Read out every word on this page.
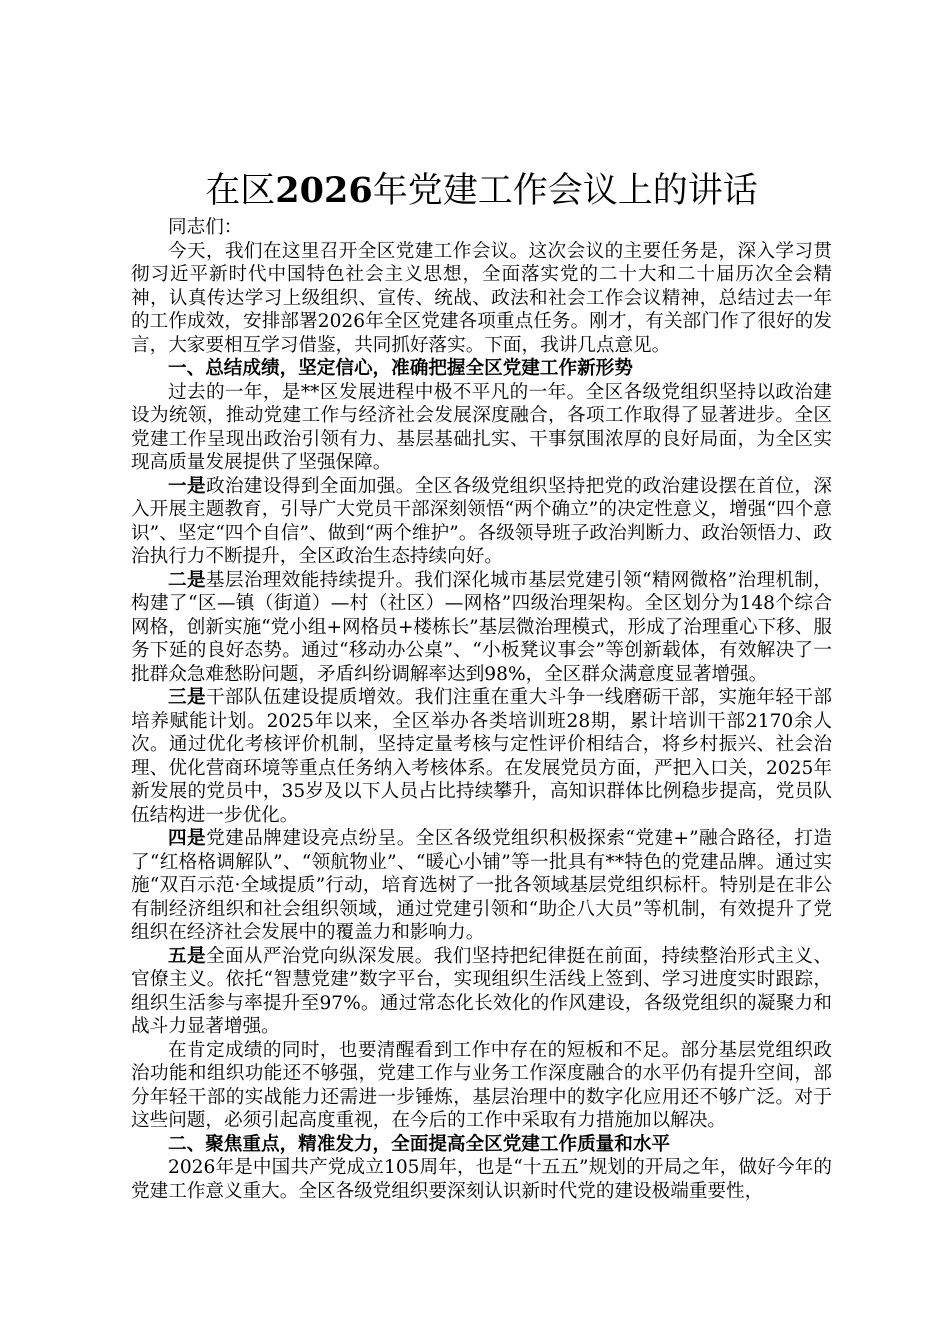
在区2026年党建工作会议上的讲话

同志们：

今天，我们在这里召开全区党建工作会议。这次会议的主要任务是，深入学习贯彻习近平新时代中国特色社会主义思想，全面落实党的二十大和二十届历次全会精神，认真传达学习上级组织、宣传、统战、政法和社会工作会议精神，总结过去一年的工作成效，安排部署2026年全区党建各项重点任务。刚才，有关部门作了很好的发言，大家要相互学习借鉴，共同抓好落实。下面，我讲几点意见。

一、总结成绩，坚定信心，准确把握全区党建工作新形势

过去的一年，是**区发展进程中极不平凡的一年。全区各级党组织坚持以政治建设为统领，推动党建工作与经济社会发展深度融合，各项工作取得了显著进步。全区党建工作呈现出政治引领有力、基层基础扎实、干事氛围浓厚的良好局面，为全区实现高质量发展提供了坚强保障。

一是政治建设得到全面加强。全区各级党组织坚持把党的政治建设摆在首位，深入开展主题教育，引导广大党员干部深刻领悟“两个确立”的决定性意义，增强“四个意识”、坚定“四个自信”、做到“两个维护”。各级领导班子政治判断力、政治领悟力、政治执行力不断提升，全区政治生态持续向好。

二是基层治理效能持续提升。我们深化城市基层党建引领“精网微格”治理机制，构建了“区—镇（街道）—村（社区）—网格”四级治理架构。全区划分为148个综合网格，创新实施“党小组+网格员+楼栋长”基层微治理模式，形成了治理重心下移、服务下延的良好态势。通过“移动办公桌”、“小板凳议事会”等创新载体，有效解决了一批群众急难愁盼问题，矛盾纠纷调解率达到98%，全区群众满意度显著增强。

三是干部队伍建设提质增效。我们注重在重大斗争一线磨砺干部，实施年轻干部培养赋能计划。2025年以来，全区举办各类培训班28期，累计培训干部2170余人次。通过优化考核评价机制，坚持定量考核与定性评价相结合，将乡村振兴、社会治理、优化营商环境等重点任务纳入考核体系。在发展党员方面，严把入口关，2025年新发展的党员中，35岁及以下人员占比持续攀升，高知识群体比例稳步提高，党员队伍结构进一步优化。

四是党建品牌建设亮点纷呈。全区各级党组织积极探索“党建+”融合路径，打造了“红格格调解队”、“领航物业”、“暖心小铺”等一批具有**特色的党建品牌。通过实施“双百示范·全域提质”行动，培育选树了一批各领域基层党组织标杆。特别是在非公有制经济组织和社会组织领域，通过党建引领和“助企八大员”等机制，有效提升了党组织在经济社会发展中的覆盖力和影响力。

五是全面从严治党向纵深发展。我们坚持把纪律挺在前面，持续整治形式主义、官僚主义。依托“智慧党建”数字平台，实现组织生活线上签到、学习进度实时跟踪，组织生活参与率提升至97%。通过常态化长效化的作风建设，各级党组织的凝聚力和战斗力显著增强。

在肯定成绩的同时，也要清醒看到工作中存在的短板和不足。部分基层党组织政治功能和组织功能还不够强，党建工作与业务工作深度融合的水平仍有提升空间，部分年轻干部的实战能力还需进一步锤炼，基层治理中的数字化应用还不够广泛。对于这些问题，必须引起高度重视，在今后的工作中采取有力措施加以解决。

二、聚焦重点，精准发力，全面提高全区党建工作质量和水平

2026年是中国共产党成立105周年，也是“十五五”规划的开局之年，做好今年的党建工作意义重大。全区各级党组织要深刻认识新时代党的建设极端重要性，
